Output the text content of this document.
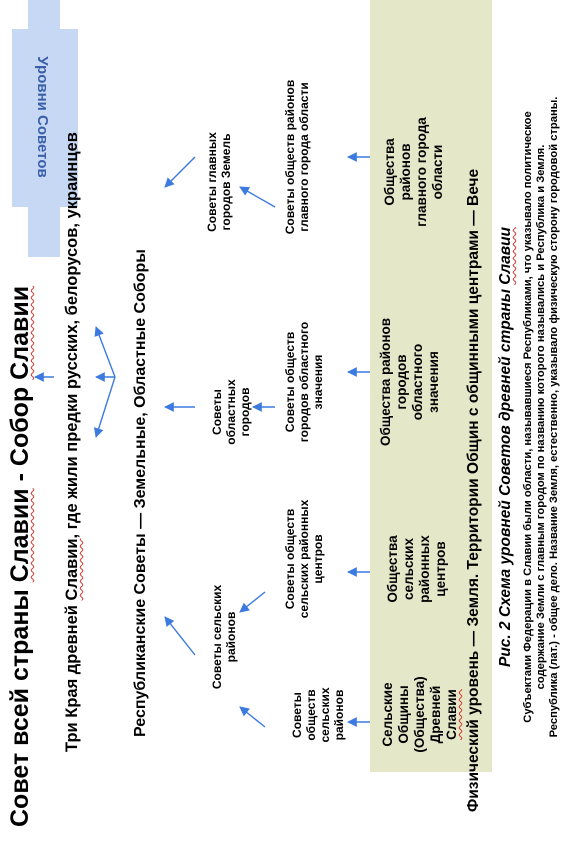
Уровни Советов
Совет всей страны Славии - Собор Славии
Три Края древней Славии, где жили предки русских, белорусов, украинцев	Республиканские Советы — Земельные, Областные Соборы	Советы сельских районов
Советы областных городов
Советы главных городов Земель
Советы обществ сельских районов
Советы обществ сельских районных центров
Советы обществ городов областного значения
Советы обществ районов главного города области
Сельские Общины (Общества) Древней Славии
Общества сельских районных центров
Общества районов городов областного значения
Общества районов главного города области Физический уровень — Земля. Территории Общин с общинными центрами — Вече Рис. 2 Схема уровней Советов древней страны Славии Субъектами Федерации в Славии были области, называвшиеся Республиками, что указывало политическое содержание Земли с главным городом по названию которого назывались и Республика и Земля. Республика (лат.) - общее дело. Название Земля, естественно, указывало физическую сторону городовой страны.
